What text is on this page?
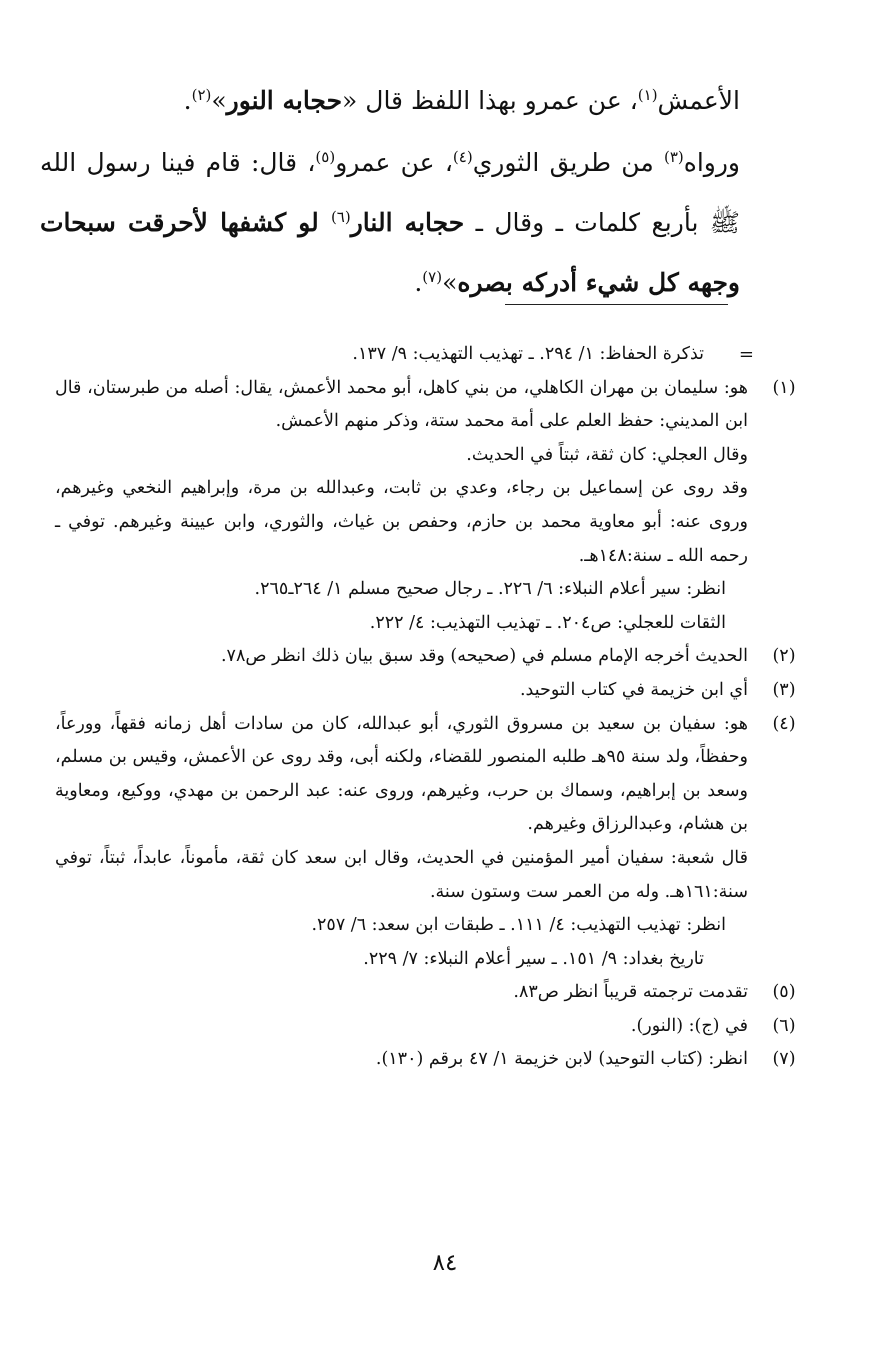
الأعمش$^{(١)}$، عن عمرو بهذا اللفظ قال «حجابه النور»$^{(٢)}$.

ورواه$^{(٣)}$ من طريق الثوري$^{(٤)}$، عن عمرو$^{(٥)}$، قال: قام فينا رسول الله ﷺ بأربع كلمات ـ وقال ـ حجابه النار$^{(٦)}$ لو كشفها لأحرقت سبحات وجهه كل شيء أدركه بصره»$^{(٧)}$.

=
تذكرة الحفاظ: ١/ ٢٩٤. ـ تهذيب التهذيب: ٩/ ١٣٧.
(١)
هو: سليمان بن مهران الكاهلي، من بني كاهل، أبو محمد الأعمش، يقال: أصله من طبرستان، قال ابن المديني: حفظ العلم على أمة محمد ستة، وذكر منهم الأعمش.
وقال العجلي: كان ثقة، ثبتاً في الحديث.
وقد روى عن إسماعيل بن رجاء، وعدي بن ثابت، وعبدالله بن مرة، وإبراهيم النخعي وغيرهم، وروى عنه: أبو معاوية محمد بن حازم، وحفص بن غياث، والثوري، وابن عيينة وغيرهم. توفي ـ رحمه الله ـ سنة:١٤٨هـ.
انظر: سير أعلام النبلاء: ٦/ ٢٢٦. ـ رجال صحيح مسلم ١/ ٢٦٤ـ٢٦٥.
الثقات للعجلي: ص٢٠٤. ـ تهذيب التهذيب: ٤/ ٢٢٢.
(٢)
الحديث أخرجه الإمام مسلم في (صحيحه) وقد سبق بيان ذلك انظر ص٧٨.
(٣)
أي ابن خزيمة في كتاب التوحيد.
(٤)
هو: سفيان بن سعيد بن مسروق الثوري، أبو عبدالله، كان من سادات أهل زمانه فقهاً، وورعاً، وحفظاً، ولد سنة ٩٥هـ طلبه المنصور للقضاء، ولكنه أبى، وقد روى عن الأعمش، وقيس بن مسلم، وسعد بن إبراهيم، وسماك بن حرب، وغيرهم، وروى عنه: عبد الرحمن بن مهدي، ووكيع، ومعاوية بن هشام، وعبدالرزاق وغيرهم.
قال شعبة: سفيان أمير المؤمنين في الحديث، وقال ابن سعد كان ثقة، مأموناً، عابداً، ثبتاً، توفي سنة:١٦١هـ. وله من العمر ست وستون سنة.
انظر: تهذيب التهذيب: ٤/ ١١١. ـ طبقات ابن سعد: ٦/ ٢٥٧.
تاريخ بغداد: ٩/ ١٥١. ـ سير أعلام النبلاء: ٧/ ٢٢٩.
(٥)
تقدمت ترجمته قريباً انظر ص٨٣.
(٦)
في (ج): (النور).
(٧)
انظر: (كتاب التوحيد) لابن خزيمة ١/ ٤٧ برقم (١٣٠).
٨٤
